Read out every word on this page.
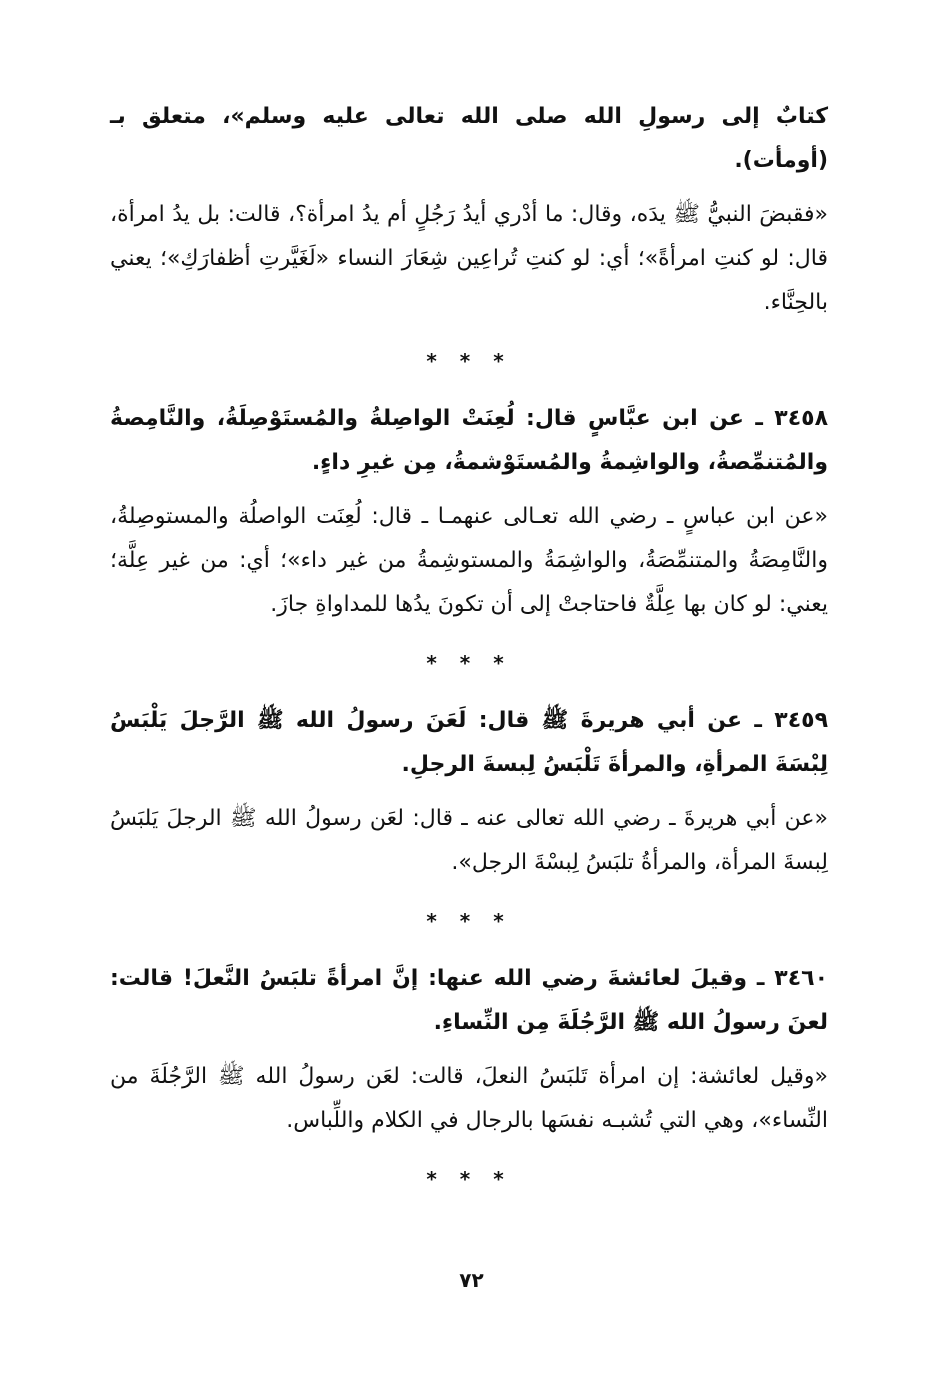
كتابٌ إلى رسولِ الله صلى الله تعالى عليه وسلم»، متعلق بـ (أومأت).

«فقبضَ النبيُّ ﷺ يدَه، وقال: ما أدْري أيدُ رَجُلٍ أم يدُ امرأة؟، قالت: بل يدُ امرأة، قال: لو كنتِ امرأةً»؛ أي: لو كنتِ تُراعِين شِعَارَ النساء «لَغَيَّرتِ أظفارَكِ»؛ يعني بالحِنَّاء.

* * *

٣٤٥٨ ـ عن ابن عبَّاسٍ قال: لُعِنَتْ الواصِلةُ والمُستَوْصِلَةُ، والنَّامِصةُ والمُتنمِّصةُ، والواشِمةُ والمُستَوْشمةُ، مِن غيرِ داءٍ.

«عن ابن عباسٍ ـ رضي الله تعـالى عنهمـا ـ قال: لُعِنَت الواصلُة والمستوصِلةُ، والنَّامِصَةُ والمتنمِّصَةُ، والواشِمَةُ والمستوشِمةُ من غير داء»؛ أي: من غير عِلَّة؛ يعني: لو كان بها عِلَّةٌ فاحتاجتْ إلى أن تكونَ يدُها للمداواةِ جازَ.

* * *

٣٤٥٩ ـ عن أبي هريرةَ ﷺ قال: لَعَنَ رسولُ الله ﷺ الرَّجلَ يَلْبَسُ لِبْسَةَ المرأةِ، والمرأةَ تَلْبَسُ لِبسةَ الرجلِ.

«عن أبي هريرةَ ـ رضي الله تعالى عنه ـ قال: لعَن رسولُ الله ﷺ الرجلَ يَلبَسُ لِبسةَ المرأة، والمرأةُ تلبَسُ لِبسْةَ الرجل».

* * *

٣٤٦٠ ـ وقيلَ لعائشةَ رضي الله عنها: إنَّ امرأةً تلبَسُ النَّعلَ! قالت: لعنَ رسولُ الله ﷺ الرَّجُلَةَ مِن النِّساءِ.

«وقيل لعائشة: إن امرأة تَلبَسُ النعلَ، قالت: لعَن رسولُ الله ﷺ الرَّجُلَةَ من النِّساء»، وهي التي تُشبـه نفسَها بالرجال في الكلام واللِّباس.

* * *
٧٢
